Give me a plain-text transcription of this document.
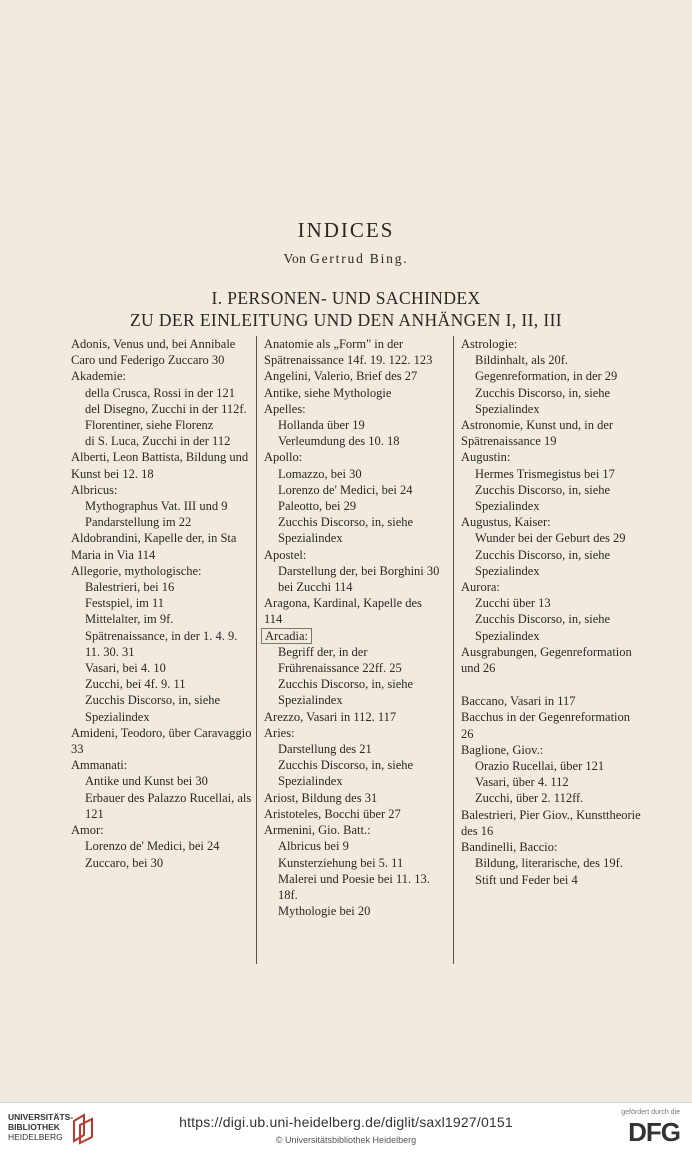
INDICES
Von Gertrud Bing.
I. PERSONEN- UND SACHINDEX
ZU DER EINLEITUNG UND DEN ANHÄNGEN I, II, III
Adonis, Venus und, bei Annibale Caro und Federigo Zuccaro 30
Akademie:
della Crusca, Rossi in der 121
del Disegno, Zucchi in der 112f.
Florentiner, siehe Florenz
di S. Luca, Zucchi in der 112
Alberti, Leon Battista, Bildung und Kunst bei 12. 18
Albricus:
Mythographus Vat. III und 9
Pandarstellung im 22
Aldobrandini, Kapelle der, in Sta Maria in Via 114
Allegorie, mythologische:
Balestrieri, bei 16
Festspiel, im 11
Mittelalter, im 9f.
Spätrenaissance, in der 1. 4. 9. 11. 30. 31
Vasari, bei 4. 10
Zucchi, bei 4f. 9. 11
Zucchis Discorso, in, siehe Spezialindex
Amideni, Teodoro, über Caravaggio 33
Ammanati:
Antike und Kunst bei 30
Erbauer des Palazzo Rucellai, als 121
Amor:
Lorenzo de' Medici, bei 24
Zuccaro, bei 30
Anatomie als „Form" in der Spätrenaissance 14f. 19. 122. 123
Angelini, Valerio, Brief des 27
Antike, siehe Mythologie
Apelles:
Hollanda über 19
Verleumdung des 10. 18
Apollo:
Lomazzo, bei 30
Lorenzo de' Medici, bei 24
Paleotto, bei 29
Zucchis Discorso, in, siehe Spezialindex
Apostel:
Darstellung der, bei Borghini 30
bei Zucchi 114
Aragona, Kardinal, Kapelle des 114
Arcadia:
Begriff der, in der Frührenaissance 22ff. 25
Zucchis Discorso, in, siehe Spezialindex
Arezzo, Vasari in 112. 117
Aries:
Darstellung des 21
Zucchis Discorso, in, siehe Spezialindex
Ariost, Bildung des 31
Aristoteles, Bocchi über 27
Armenini, Gio. Batt.:
Albricus bei 9
Kunsterziehung bei 5. 11
Malerei und Poesie bei 11. 13. 18f.
Mythologie bei 20
Astrologie:
Bildinhalt, als 20f.
Gegenreformation, in der 29
Zucchis Discorso, in, siehe Spezialindex
Astronomie, Kunst und, in der Spätrenaissance 19
Augustin:
Hermes Trismegistus bei 17
Zucchis Discorso, in, siehe Spezialindex
Augustus, Kaiser:
Wunder bei der Geburt des 29
Zucchis Discorso, in, siehe Spezialindex
Aurora:
Zucchi über 13
Zucchis Discorso, in, siehe Spezialindex
Ausgrabungen, Gegenreformation und 26
Baccano, Vasari in 117
Bacchus in der Gegenreformation 26
Baglione, Giov.:
Orazio Rucellai, über 121
Vasari, über 4. 112
Zucchi, über 2. 112ff.
Balestrieri, Pier Giov., Kunsttheorie des 16
Bandinelli, Baccio:
Bildung, literarische, des 19f.
Stift und Feder bei 4
UNIVERSITÄTS-
BIBLIOTHEK
HEIDELBERG
https://digi.ub.uni-heidelberg.de/diglit/saxl1927/0151
© Universitätsbibliothek Heidelberg
gefördert durch die
DFG
